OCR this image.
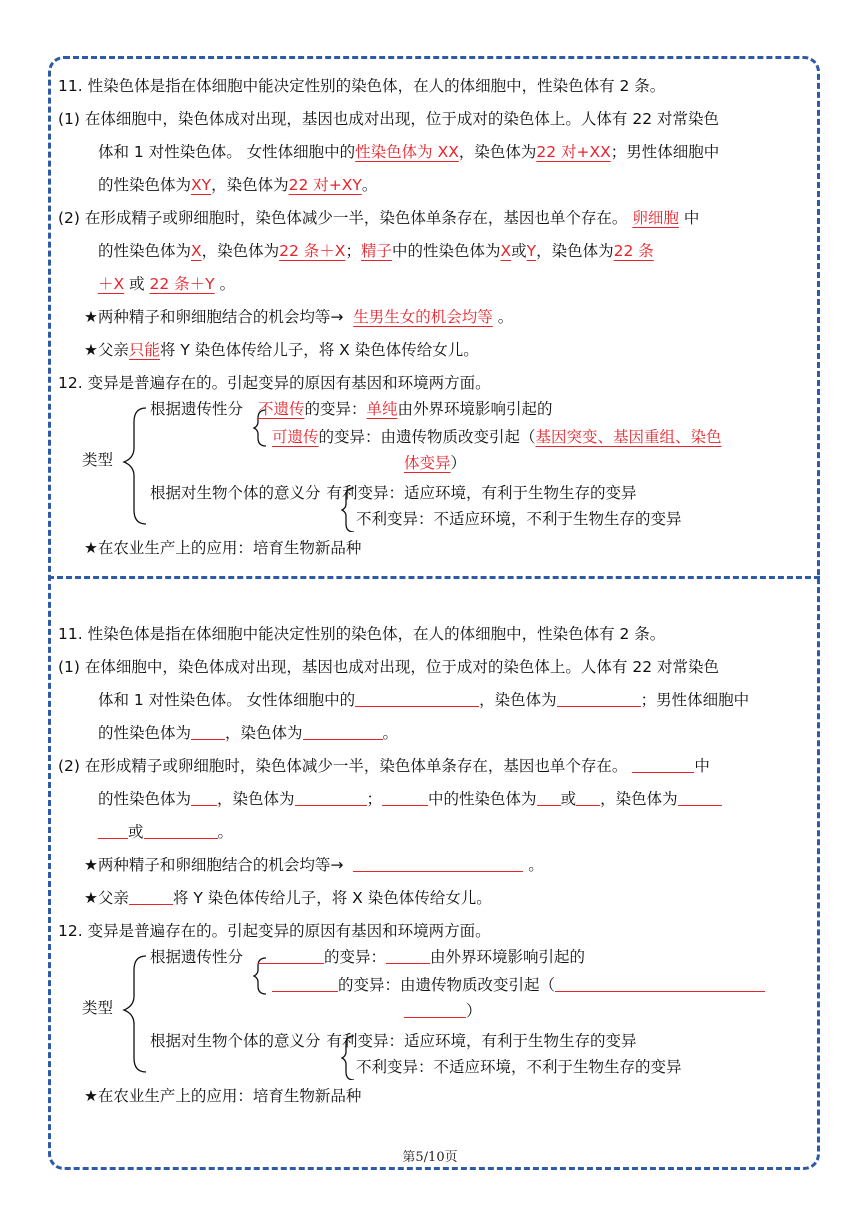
11. 性染色体是指在体细胞中能决定性别的染色体，在人的体细胞中，性染色体有 2 条。
(1) 在体细胞中，染色体成对出现，基因也成对出现，位于成对的染色体上。人体有 22 对常染色
体和 1 对性染色体。 女性体细胞中的性染色体为 XX，染色体为22 对+XX；男性体细胞中
的性染色体为XY，染色体为22 对+XY。
(2) 在形成精子或卵细胞时，染色体减少一半，染色体单条存在，基因也单个存在。 卵细胞 中
的性染色体为X，染色体为22 条＋X；精子中的性染色体为X或Y，染色体为22 条
＋X 或 22 条＋Y 。
★两种精子和卵细胞结合的机会均等→ 生男生女的机会均等 。
★父亲只能将 Y 染色体传给儿子，将 X 染色体传给女儿。
12. 变异是普遍存在的。引起变异的原因有基因和环境两方面。
类型
根据遗传性分 不遗传的变异：单纯由外界环境影响引起的
可遗传的变异：由遗传物质改变引起（基因突变、基因重组、染色
体变异）
根据对生物个体的意义分 有利变异：适应环境，有利于生物生存的变异
不利变异：不适应环境，不利于生物生存的变异
★在农业生产上的应用：培育生物新品种
11. 性染色体是指在体细胞中能决定性别的染色体，在人的体细胞中，性染色体有 2 条。
(1) 在体细胞中，染色体成对出现，基因也成对出现，位于成对的染色体上。人体有 22 对常染色
体和 1 对性染色体。 女性体细胞中的	，染色体为	；男性体细胞中
的性染色体为 ，染色体为	。
(2) 在形成精子或卵细胞时，染色体减少一半，染色体单条存在，基因也单个存在。	中
的性染色体为 ，染色体为	；	中的性染色体为 或 ，染色体为
或	。
★两种精子和卵细胞结合的机会均等→	。
★父亲	将 Y 染色体传给儿子，将 X 染色体传给女儿。
12. 变异是普遍存在的。引起变异的原因有基因和环境两方面。
类型
根据遗传性分	的变异：	由外界环境影响引起的
的变异：由遗传物质改变引起（
）
根据对生物个体的意义分 有利变异：适应环境，有利于生物生存的变异
不利变异：不适应环境，不利于生物生存的变异
★在农业生产上的应用：培育生物新品种
第5/10页
